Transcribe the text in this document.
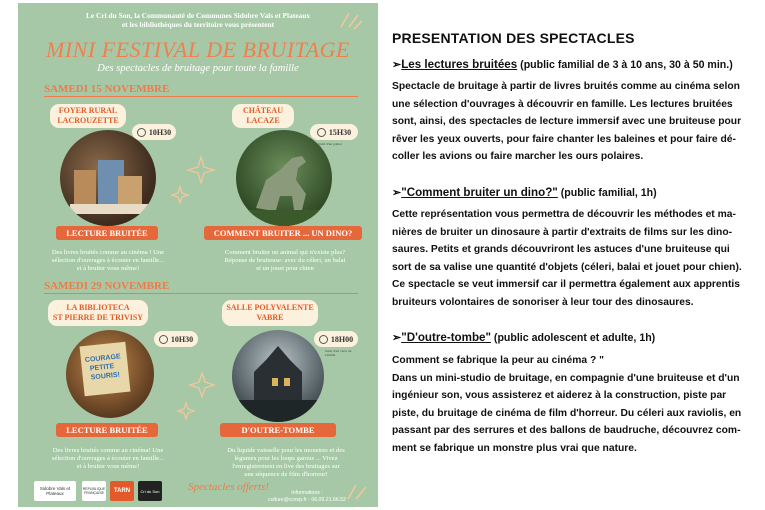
Le Cri du Son, la Communauté de Communes Sidobre Vals et Plateaux
et les bibliothèques du territoire vous présentent
MINI FESTIVAL DE BRUITAGE
Des spectacles de bruitage pour toute la famille
SAMEDI 15 NOVEMBRE
FOYER RURAL
LACROUZETTE
10H30
LECTURE BRUITÉE
Des livres bruités comme au cinéma ! Une
sélection d'ouvrages à écouter en famille...
et à bruiter vous même!
CHÂTEAU
LACAZE
15H30
Suivi d'un goûter
COMMENT BRUITER ... UN DINO?
Comment bruiter un animal qui n'existe plus?
Réponse de bruiteuse: avec du céleri, un balai
et un jouet pour chien
SAMEDI 29 NOVEMBRE
LA BIBLIOTECA
ST PIERRE DE TRIVISY
10H30
COURAGE
PETITE
SOURIS!
LECTURE BRUITÉE
Des livres bruités comme au cinéma! Une
sélection d'ouvrages à écouter en famille...
et à bruiter vous même!
SALLE POLYVALENTE
VABRE
18H00
Suivi d'un verre de l'amitié
D'OUTRE-TOMBE
Du liquide vaisselle pour les monstres et des
légumes pour les loups garous ... Vivez
l'enregistrement en live des bruitages sur
une séquence de film d'horreur!
Sidobre Vals et Plateaux
RÉPUBLIQUE FRANÇAISE	TARN	Cri du Son	Spectacles offerts!	Informations :
culture@ccsvp.fr - 06.09.21.66.52
PRESENTATION DES SPECTACLES
➢Les lectures bruitées (public familial de 3 à 10 ans, 30 à 50 min.)
Spectacle de bruitage à partir de livres bruités comme au cinéma selon
une sélection d'ouvrages à découvrir en famille. Les lectures bruitées
sont, ainsi, des spectacles de lecture immersif avec une bruiteuse pour
rêver les yeux ouverts, pour faire chanter les baleines et pour faire dé-
coller les avions ou faire marcher les ours polaires.
➢"Comment bruiter un dino?" (public familial, 1h)
Cette représentation vous permettra de découvrir les méthodes et ma-
nières de bruiter un dinosaure à partir d'extraits de films sur les dino-
saures. Petits et grands découvriront les astuces d'une bruiteuse qui
sort de sa valise une quantité d'objets (céleri, balai et jouet pour chien).
Ce spectacle se veut immersif car il permettra également aux apprentis
bruiteurs volontaires de sonoriser à leur tour des dinosaures.
➢"D'outre-tombe" (public adolescent et adulte, 1h)
Comment se fabrique la peur au cinéma ? "
Dans un mini-studio de bruitage, en compagnie d'une bruiteuse et d'un
ingénieur son, vous assisterez et aiderez à la construction, piste par
piste, du bruitage de cinéma de film d'horreur. Du céleri aux raviolis, en
passant par des serrures et des ballons de baudruche, découvrez com-
ment se fabrique un monstre plus vrai que nature.
